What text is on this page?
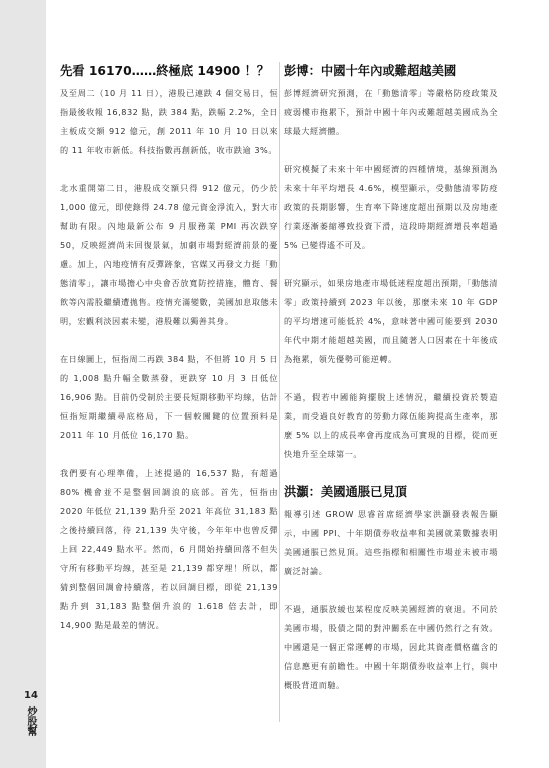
14
炒股幫
先看 16170……終極底 14900 ！？

及至周二（10 月 11 日），港股已連跌 4 個交易日，恒指最後收報 16,832 點，跌 384 點，跌幅 2.2%，全日主板成交額 912 億元，創 2011 年 10 月 10 日以來的 11 年收市新低。科技指數再創新低，收市跌逾 3%。

北水重開第二日，港股成交額只得 912 億元，仍少於 1,000 億元，即使錄得 24.78 億元資金淨流入，對大市幫助有限。內地最新公布 9 月服務業 PMI 再次跌穿 50，反映經濟尚未回復景氣，加劇市場對經濟前景的憂慮。加上，內地疫情有反彈跡象，官媒又再發文力挺「動態清零」，讓市場擔心中央會否放寬防控措施，體育、餐飲等內需股繼續遭拋售。疫情充滿變數，美國加息取態未明，宏觀利淡因素未變，港股難以獨善其身。

在日線圖上，恒指周二再跌 384 點，不但將 10 月 5 日的 1,008 點升幅全數蒸發，更跌穿 10 月 3 日低位 16,906 點。目前仍受制於主要長短期移動平均線，估計恒指短期繼續尋底格局，下一個較關鍵的位置預料是 2011 年 10 月低位 16,170 點。

我們要有心理準備，上述提過的 16,537 點，有超過 80% 機會並不是整個回調浪的底部。首先，恒指由 2020 年低位 21,139 點升至 2021 年高位 31,183 點之後持續回落，待 21,139 失守後，今年年中也曾反彈上回 22,449 點水平。然而，6 月開始持續回落不但失守所有移動平均線，甚至是 21,139 都穿埋！所以，都猜到整個回調會持續落，若以回調目標，即從 21,139 點升到 31,183 點整個升浪的 1.618 倍去計，即 14,900 點是最差的情況。

彭博：中國十年內或難超越美國

彭博經濟研究預測，在「動態清零」等嚴格防疫政策及疲弱樓市拖累下，預計中國十年內或難超越美國成為全球最大經濟體。

研究模擬了未來十年中國經濟的四種情境，基線預測為未來十年平均增長 4.6%，模型顯示，受動態清零防疫政策的長期影響，生育率下降速度超出預期以及房地產行業逐漸萎縮導致投資下滑，這段時期經濟增長率超過 5% 已變得遙不可及。

研究顯示，如果房地產市場低迷程度超出預期，「動態清零」政策持續到 2023 年以後，那麼未來 10 年 GDP 的平均增速可能低於 4%，意味著中國可能要到 2030 年代中期才能超越美國，而且隨著人口因素在十年後成為拖累，領先優勢可能逆轉。

不過，假若中國能夠擺脫上述情況，繼續投資於製造業，而受過良好教育的勞動力隊伍能夠提高生產率，那麼 5% 以上的成長率會再度成為可實現的目標，從而更快地升至全球第一。

洪灝：美國通脹已見頂

報導引述 GROW 思睿首席經濟學家洪灝發表報告顯示，中國 PPI、十年期債券收益率和美國就業數據表明美國通脹已然見頂。這些指標和相關性市場並未被市場廣泛討論。

不過，通脹放緩也某程度反映美國經濟的衰退。不同於美國市場，股債之間的對沖關系在中國仍然行之有效。中國還是一個正常運轉的市場，因此其資產價格蘊含的信息應更有前瞻性。中國十年期債券收益率上行，與中概股背道而馳。
